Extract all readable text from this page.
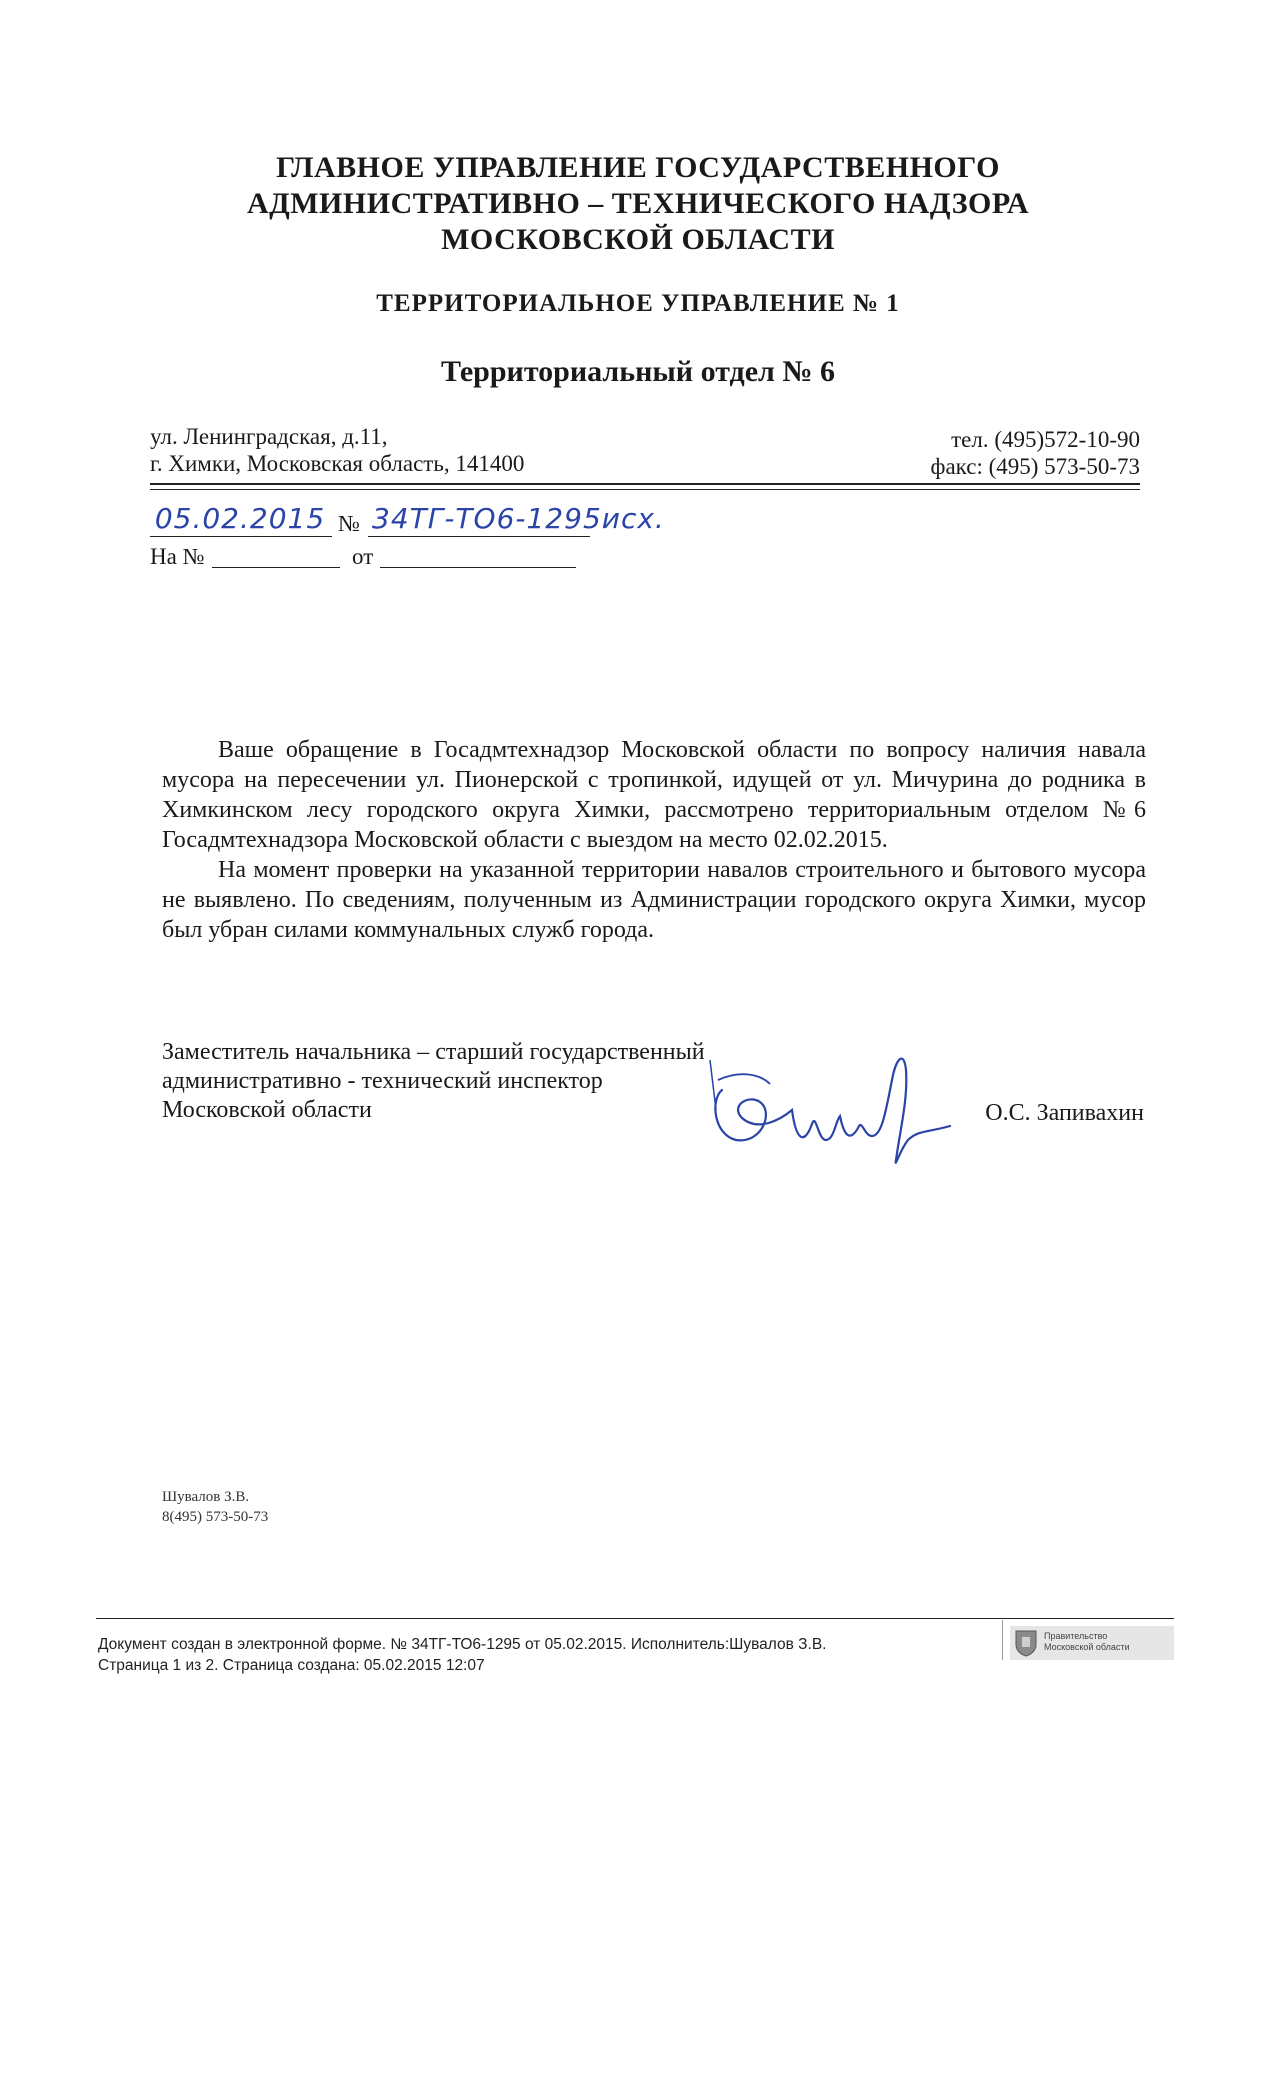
ГЛАВНОЕ УПРАВЛЕНИЕ ГОСУДАРСТВЕННОГО
АДМИНИСТРАТИВНО – ТЕХНИЧЕСКОГО НАДЗОРА
МОСКОВСКОЙ ОБЛАСТИ
ТЕРРИТОРИАЛЬНОЕ УПРАВЛЕНИЕ № 1
Территориальный отдел № 6
ул. Ленинградская, д.11,
г. Химки, Московская область, 141400
тел. (495)572-10-90
факс: (495) 573-50-73
05.02.2015 № 34ТГ-ТО6-1295исх.
На №	от

Ваше обращение в Госадмтехнадзор Московской области по вопросу наличия навала мусора на пересечении ул. Пионерской с тропинкой, идущей от ул. Мичурина до родника в Химкинском лесу городского округа Химки, рассмотрено территориальным отделом №6 Госадмтехнадзора Московской области с выездом на место 02.02.2015.

На момент проверки на указанной территории навалов строительного и бытового мусора не выявлено. По сведениям, полученным из Администрации городского округа Химки, мусор был убран силами коммунальных служб города.

Заместитель начальника – старший государственный
административно - технический инспектор
Московской области	О.С. Запивахин
Шувалов З.В.
8(495) 573-50-73
Документ создан в электронной форме. № 34ТГ-ТО6-1295 от 05.02.2015. Исполнитель:Шувалов З.В.
Страница 1 из 2. Страница создана: 05.02.2015 12:07
Правительство
Московской области
